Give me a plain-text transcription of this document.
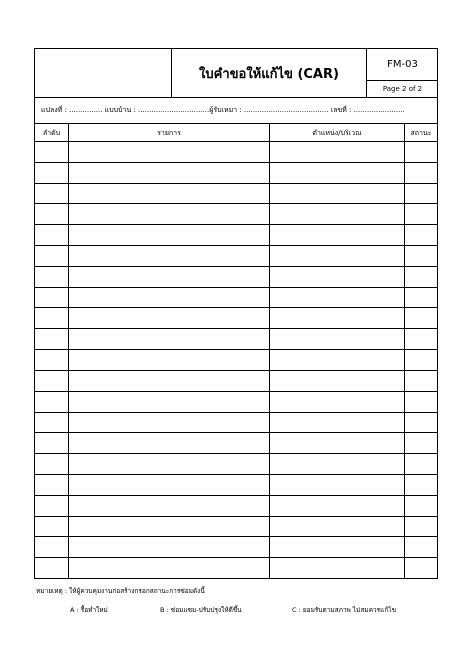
ใบคำขอให้แก้ไข (CAR)
FM-03
Page 2 of 2
แปลงที่ : ............... แบบบ้าน : ................................ผู้รับเหมา : ...................................... เลขที่ : .......................
ลำดับ	รายการ	ตำแหน่ง/บริเวณ	สถานะ
หมายเหตุ : ให้ผู้ควบคุมงานก่อสร้างกรอกสถานะการซ่อมดังนี้
A : รื้อทำใหม่	B : ซ่อมแซม-ปรับปรุงให้ดีขึ้น	C : ยอมรับตามสภาพ ไม่สมควรแก้ไข
